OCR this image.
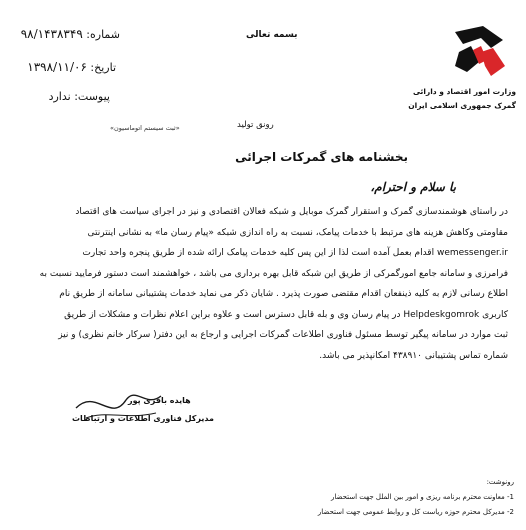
شماره: ۹۸/۱۴۳۸۳۴۹
تاریخ: ۱۳۹۸/۱۱/۰۶
پیوست: ندارد
«ثبت سیستم اتوماسیون»
بسمه تعالی
رونق تولید
وزارت امور اقتصاد و دارائی
گمرک جمهوری اسلامی ایران
بخشنامه های گمرکات اجرائی
با سلام و احترام،

در راستای هوشمندسازی گمرک و استقرار گمرک موبایل و شبکه فعالان اقتصادی و نیز در اجرای سیاست های اقتصاد

مقاومتی وکاهش هزینه های مرتبط با خدمات پیامک، نسبت به راه اندازی شبکه «پیام رسان ما» به نشانی اینترنتی

wemessenger.ir اقدام بعمل آمده است لذا از این پس کلیه خدمات پیامک ارائه شده از طریق پنجره واحد تجارت

فرامرزی و سامانه جامع امورگمرکی از طریق این شبکه قابل بهره برداری می باشد ، خواهشمند است دستور فرمایید نسبت به

اطلاع رسانی لازم به کلیه ذینفعان اقدام مقتضی صورت پذیرد . شایان ذکر می نماید خدمات پشتیبانی سامانه از طریق نام

کاربری Helpdeskgomrok در پیام رسان وی و بله قابل دسترس است و علاوه براین اعلام نظرات و مشکلات از طریق

ثبت موارد در سامانه پیگیر توسط مسئول فناوری اطلاعات گمرکات اجرایی و ارجاع به این دفتر( سرکار خانم نظری) و نیز

شماره تماس پشتیبانی ۴۳۸۹۱۰ امکانپذیر می باشد.

هایده باقری پور
مدیرکل فناوری اطلاعات و ارتباطات
رونوشت:
1- معاونت محترم برنامه ریزی و امور بین الملل جهت استحضار
2- مدیرکل محترم حوزه ریاست کل و روابط عمومی جهت استحضار
